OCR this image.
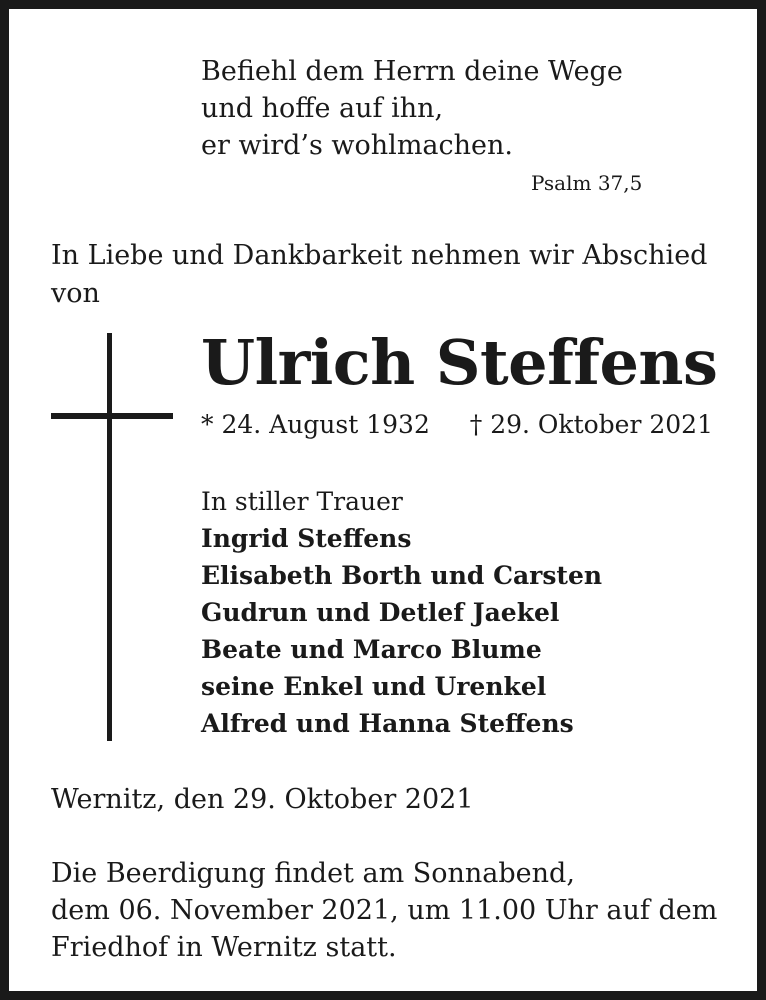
Befiehl dem Herrn deine Wege
und hoffe auf ihn,
er wird’s wohlmachen.
Psalm 37,5
In Liebe und Dankbarkeit nehmen wir Abschied von
Ulrich Steffens
* 24. August 1932 † 29. Oktober 2021
In stiller Trauer
Ingrid Steffens
Elisabeth Borth und Carsten
Gudrun und Detlef Jaekel
Beate und Marco Blume
seine Enkel und Urenkel
Alfred und Hanna Steffens
Wernitz, den 29. Oktober 2021
Die Beerdigung findet am Sonnabend,
dem 06. November 2021, um 11.00 Uhr auf dem
Friedhof in Wernitz statt.
